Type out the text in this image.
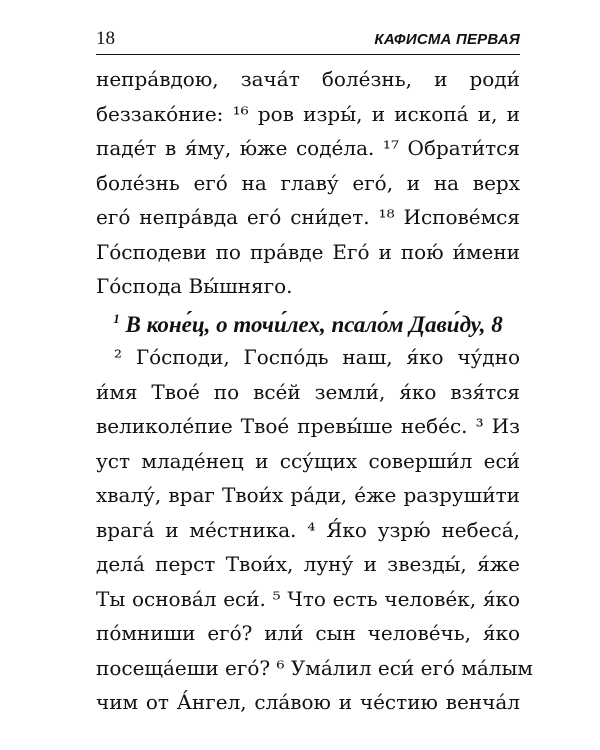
18	КАФИСМА ПЕРВАЯ
непра́вдою, зача́т боле́знь, и роди́
беззако́ние: ¹⁶ ров изры́, и ископа́ и, и
паде́т в я́му, ю́же соде́ла. ¹⁷ Обрати́тся
боле́знь его́ на главу́ его́, и на верх
его́ непра́вда его́ сни́дет. ¹⁸ Испове́мся
Го́сподеви по пра́вде Его́ и пою́ и́мени
Го́спода Вы́шняго.
$^1$ В коне́ц, о точи́лех, псало́м Дави́ду, 8
² Го́споди, Госпо́дь наш, я́ко чу́дно
и́мя Твое́ по все́й земли́, я́ко взя́тся
великоле́пие Твое́ превы́ше небе́с. ³ Из
уст младе́нец и ссу́щих соверши́л еси́
хвалу́, враг Твои́х ра́ди, е́же разруши́ти
врага́ и ме́стника. ⁴ Я́ко узрю́ небеса́,
дела́ перст Твои́х, луну́ и звезды́, я́же
Ты основа́л еси́. ⁵ Что есть челове́к, я́ко
по́мниши его́? или́ сын челове́чь, я́ко
посеща́еши его́? ⁶ Ума́лил еси́ его́ ма́лым
чим от А́нгел, сла́вою и че́стию венча́л
